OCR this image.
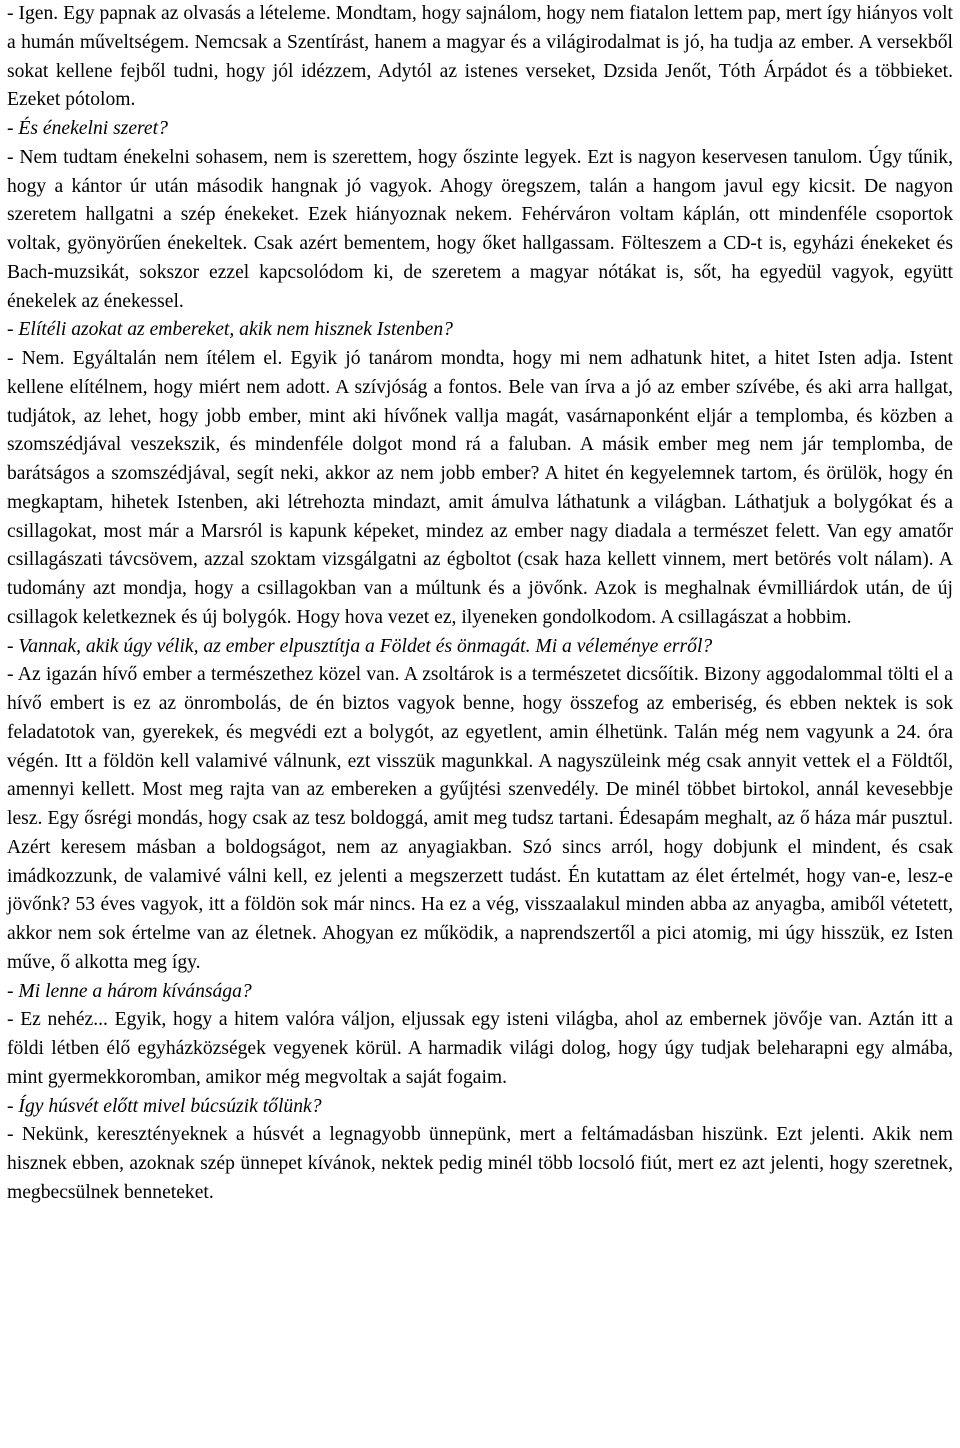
- Igen. Egy papnak az olvasás a lételeme. Mondtam, hogy sajnálom, hogy nem fiatalon lettem pap, mert így hiányos volt a humán műveltségem. Nemcsak a Szentírást, hanem a magyar és a világirodalmat is jó, ha tudja az ember. A versekből sokat kellene fejből tudni, hogy jól idézzem, Adytól az istenes verseket, Dzsida Jenőt, Tóth Árpádot és a többieket. Ezeket pótolom.

- És énekelni szeret?

- Nem tudtam énekelni sohasem, nem is szerettem, hogy őszinte legyek. Ezt is nagyon keservesen tanulom. Úgy tűnik, hogy a kántor úr után második hangnak jó vagyok. Ahogy öregszem, talán a hangom javul egy kicsit. De nagyon szeretem hallgatni a szép énekeket. Ezek hiányoznak nekem. Fehérváron voltam káplán, ott mindenféle csoportok voltak, gyönyörűen énekeltek. Csak azért bementem, hogy őket hallgassam. Fölteszem a CD-t is, egyházi énekeket és Bach-muzsikát, sokszor ezzel kapcsolódom ki, de szeretem a magyar nótákat is, sőt, ha egyedül vagyok, együtt énekelek az énekessel.

- Elítéli azokat az embereket, akik nem hisznek Istenben?

- Nem. Egyáltalán nem ítélem el. Egyik jó tanárom mondta, hogy mi nem adhatunk hitet, a hitet Isten adja. Istent kellene elítélnem, hogy miért nem adott. A szívjóság a fontos. Bele van írva a jó az ember szívébe, és aki arra hallgat, tudjátok, az lehet, hogy jobb ember, mint aki hívőnek vallja magát, vasárnaponként eljár a templomba, és közben a szomszédjával veszekszik, és mindenféle dolgot mond rá a faluban. A másik ember meg nem jár templomba, de barátságos a szomszédjával, segít neki, akkor az nem jobb ember? A hitet én kegyelemnek tartom, és örülök, hogy én megkaptam, hihetek Istenben, aki létrehozta mindazt, amit ámulva láthatunk a világban. Láthatjuk a bolygókat és a csillagokat, most már a Marsról is kapunk képeket, mindez az ember nagy diadala a természet felett. Van egy amatőr csillagászati távcsövem, azzal szoktam vizsgálgatni az égboltot (csak haza kellett vinnem, mert betörés volt nálam). A tudomány azt mondja, hogy a csillagokban van a múltunk és a jövőnk. Azok is meghalnak évmilliárdok után, de új csillagok keletkeznek és új bolygók. Hogy hova vezet ez, ilyeneken gondolkodom. A csillagászat a hobbim.

- Vannak, akik úgy vélik, az ember elpusztítja a Földet és önmagát. Mi a véleménye erről?

- Az igazán hívő ember a természethez közel van. A zsoltárok is a természetet dicsőítik. Bizony aggodalommal tölti el a hívő embert is ez az önrombolás, de én biztos vagyok benne, hogy összefog az emberiség, és ebben nektek is sok feladatotok van, gyerekek, és megvédi ezt a bolygót, az egyetlent, amin élhetünk. Talán még nem vagyunk a 24. óra végén. Itt a földön kell valamivé válnunk, ezt visszük magunkkal. A nagyszüleink még csak annyit vettek el a Földtől, amennyi kellett. Most meg rajta van az embereken a gyűjtési szenvedély. De minél többet birtokol, annál kevesebbje lesz. Egy ősrégi mondás, hogy csak az tesz boldoggá, amit meg tudsz tartani. Édesapám meghalt, az ő háza már pusztul. Azért keresem másban a boldogságot, nem az anyagiakban. Szó sincs arról, hogy dobjunk el mindent, és csak imádkozzunk, de valamivé válni kell, ez jelenti a megszerzett tudást. Én kutattam az élet értelmét, hogy van-e, lesz-e jövőnk? 53 éves vagyok, itt a földön sok már nincs. Ha ez a vég, visszaalakul minden abba az anyagba, amiből vétetett, akkor nem sok értelme van az életnek. Ahogyan ez működik, a naprendszertől a pici atomig, mi úgy hisszük, ez Isten műve, ő alkotta meg így.

- Mi lenne a három kívánsága?

- Ez nehéz... Egyik, hogy a hitem valóra váljon, eljussak egy isteni világba, ahol az embernek jövője van. Aztán itt a földi létben élő egyházközségek vegyenek körül. A harmadik világi dolog, hogy úgy tudjak beleharapni egy almába, mint gyermekkoromban, amikor még megvoltak a saját fogaim.

- Így húsvét előtt mivel búcsúzik tőlünk?

- Nekünk, keresztényeknek a húsvét a legnagyobb ünnepünk, mert a feltámadásban hiszünk. Ezt jelenti. Akik nem hisznek ebben, azoknak szép ünnepet kívánok, nektek pedig minél több locsoló fiút, mert ez azt jelenti, hogy szeretnek, megbecsülnek benneteket.
